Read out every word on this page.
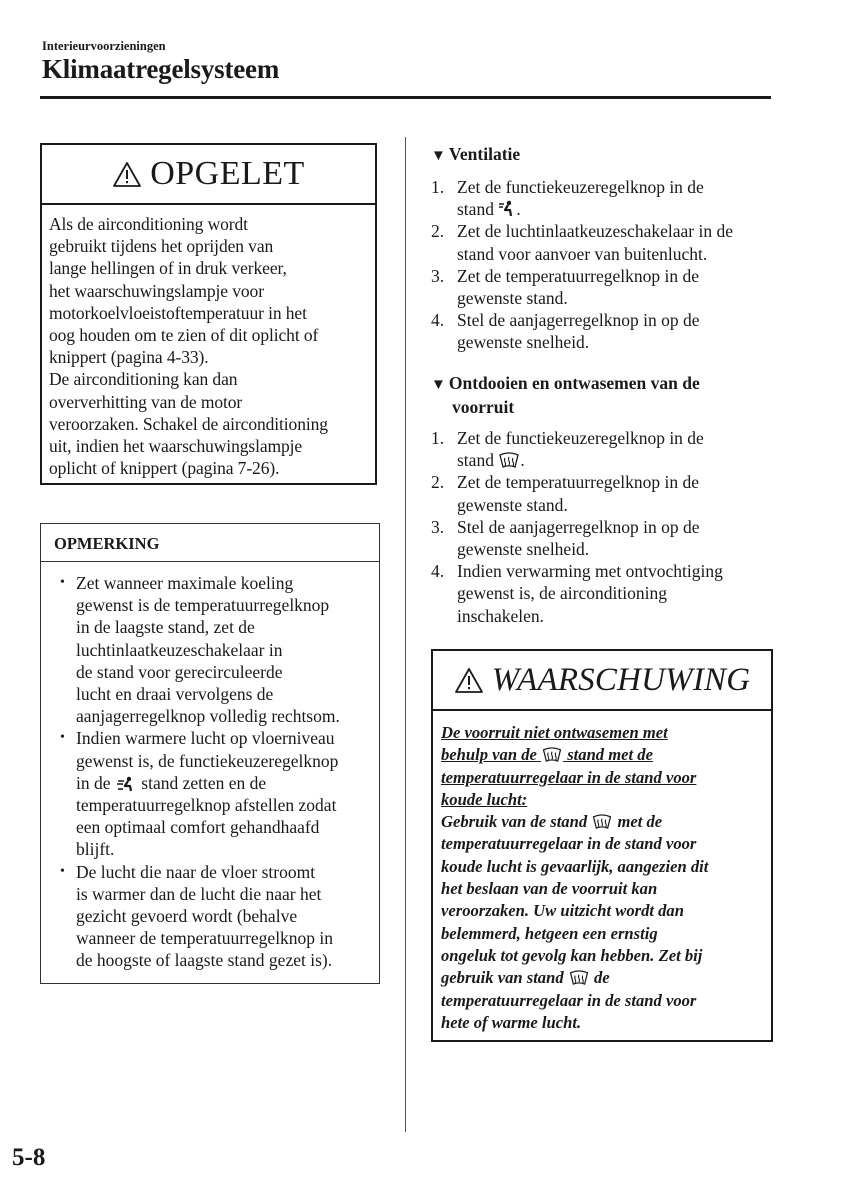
Interieurvoorzieningen
Klimaatregelsysteem
OPGELET

Als de airconditioning wordt

gebruikt tijdens het oprijden van

lange hellingen of in druk verkeer,

het waarschuwingslampje voor

motorkoelvloeistoftemperatuur in het

oog houden om te zien of dit oplicht of

knippert (pagina 4-33).

De airconditioning kan dan

oververhitting van de motor

veroorzaken. Schakel de airconditioning

uit, indien het waarschuwingslampje

oplicht of knippert (pagina 7-26).

OPMERKING
• Zet wanneer maximale koeling
gewenst is de temperatuurregelknop
in de laagste stand, zet de
luchtinlaatkeuzeschakelaar in
de stand voor gerecirculeerde
lucht en draai vervolgens de
aanjagerregelknop volledig rechtsom.
• Indien warmere lucht op vloerniveau
gewenst is, de functiekeuzeregelknop
in de stand zetten en de
temperatuurregelknop afstellen zodat
een optimaal comfort gehandhaafd
blijft.
• De lucht die naar de vloer stroomt
is warmer dan de lucht die naar het
gezicht gevoerd wordt (behalve
wanneer de temperatuurregelknop in
de hoogste of laagste stand gezet is).
▼ Ventilatie
1. Zet de functiekeuzeregelknop in de
stand .
2. Zet de luchtinlaatkeuzeschakelaar in de
stand voor aanvoer van buitenlucht.
3. Zet de temperatuurregelknop in de
gewenste stand.
4. Stel de aanjagerregelknop in op de
gewenste snelheid.
▼ Ontdooien en ontwasemen van de
voorruit
1. Zet de functiekeuzeregelknop in de
stand .
2. Zet de temperatuurregelknop in de
gewenste stand.
3. Stel de aanjagerregelknop in op de
gewenste snelheid.
4. Indien verwarming met ontvochtiging
gewenst is, de airconditioning
inschakelen.
WAARSCHUWING

De voorruit niet ontwasemen met

behulp van de stand met de

temperatuurregelaar in de stand voor

koude lucht:

Gebruik van de stand met de

temperatuurregelaar in de stand voor

koude lucht is gevaarlijk, aangezien dit

het beslaan van de voorruit kan

veroorzaken. Uw uitzicht wordt dan

belemmerd, hetgeen een ernstig

ongeluk tot gevolg kan hebben. Zet bij

gebruik van stand de

temperatuurregelaar in de stand voor

hete of warme lucht.

5-8
